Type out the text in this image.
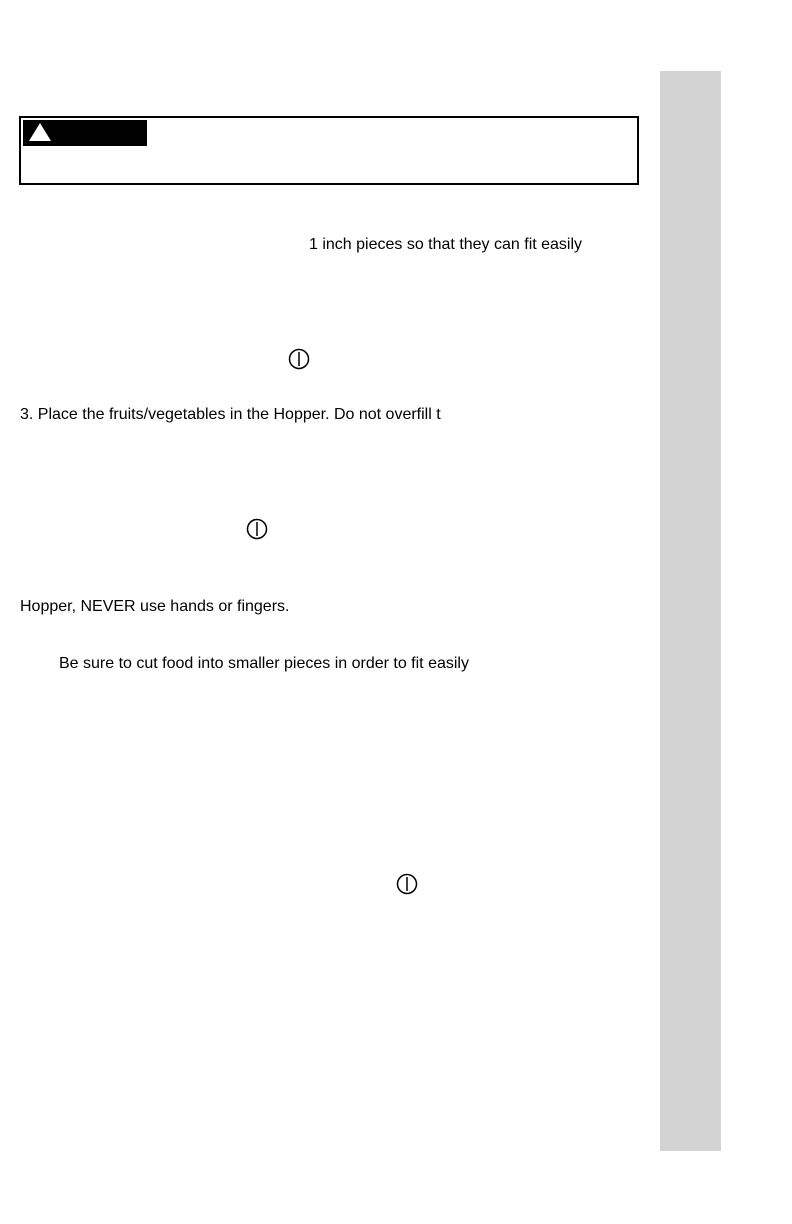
1 inch pieces so that they can fit easily
3. Place the fruits/vegetables in the Hopper. Do not overfill t
Hopper, NEVER use hands or fingers.
Be sure to cut food into smaller pieces in order to fit easily
